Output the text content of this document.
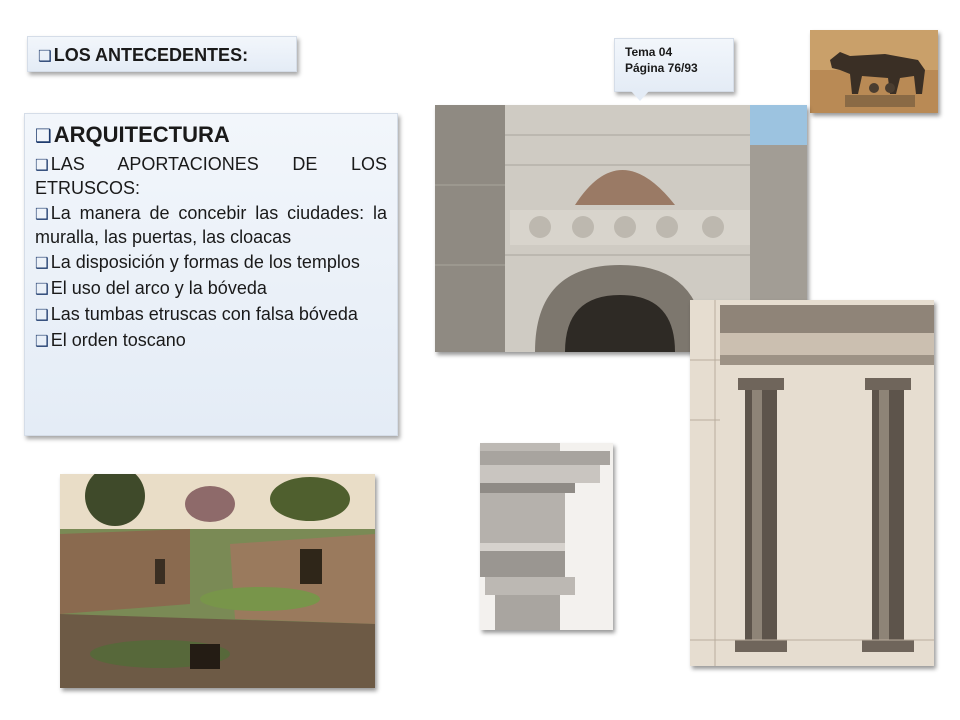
❑ LOS ANTECEDENTES:	Tema 04
Página 76/93

❑ARQUITECTURA

❑ LAS APORTACIONES DE LOS ETRUSCOS:

❑ La manera de concebir las ciudades: la muralla, las puertas, las cloacas

❑ La disposición y formas de los templos

❑ El uso del arco y la bóveda

❑ Las tumbas etruscas con falsa bóveda

❑ El orden toscano
